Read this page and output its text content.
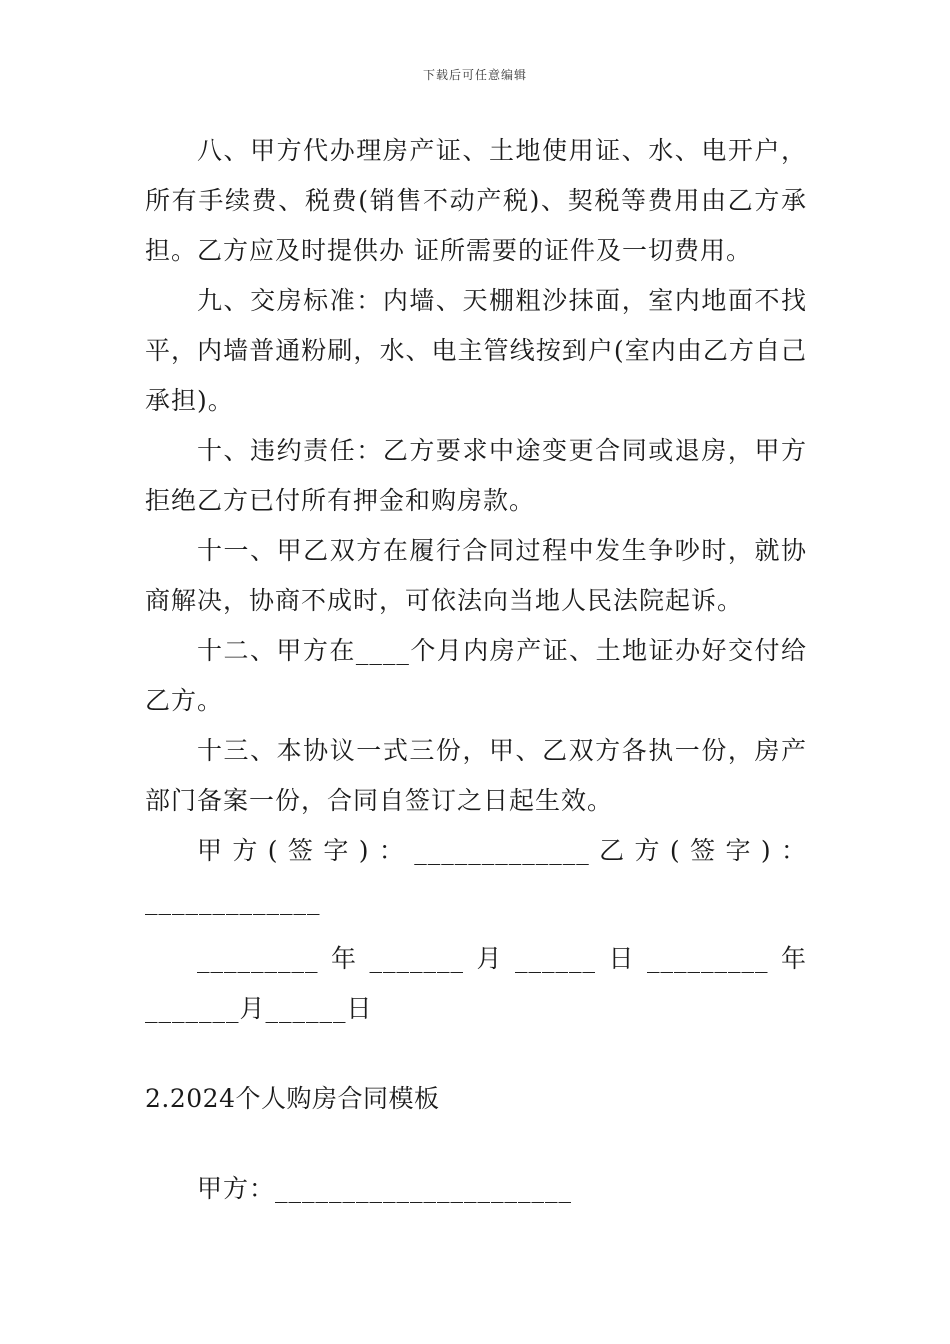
下载后可任意编辑

八、甲方代办理房产证、土地使用证、水、电开户，所有手续费、税费(销售不动产税)、契税等费用由乙方承担。乙方应及时提供办 证所需要的证件及一切费用。

九、交房标准：内墙、天棚粗沙抹面，室内地面不找平，内墙普通粉刷，水、电主管线按到户(室内由乙方自己承担)。

十、违约责任：乙方要求中途变更合同或退房，甲方拒绝乙方已付所有押金和购房款。

十一、甲乙双方在履行合同过程中发生争吵时，就协商解决，协商不成时，可依法向当地人民法院起诉。

十二、甲方在____个月内房产证、土地证办好交付给乙方。

十三、本协议一式三份，甲、乙双方各执一份，房产部门备案一份，合同自签订之日起生效。

甲方(签字)：_____________乙方(签字)：_____________

_________年_______月______日_________年_______月______日

2.2024个人购房合同模板

甲方：______________________
